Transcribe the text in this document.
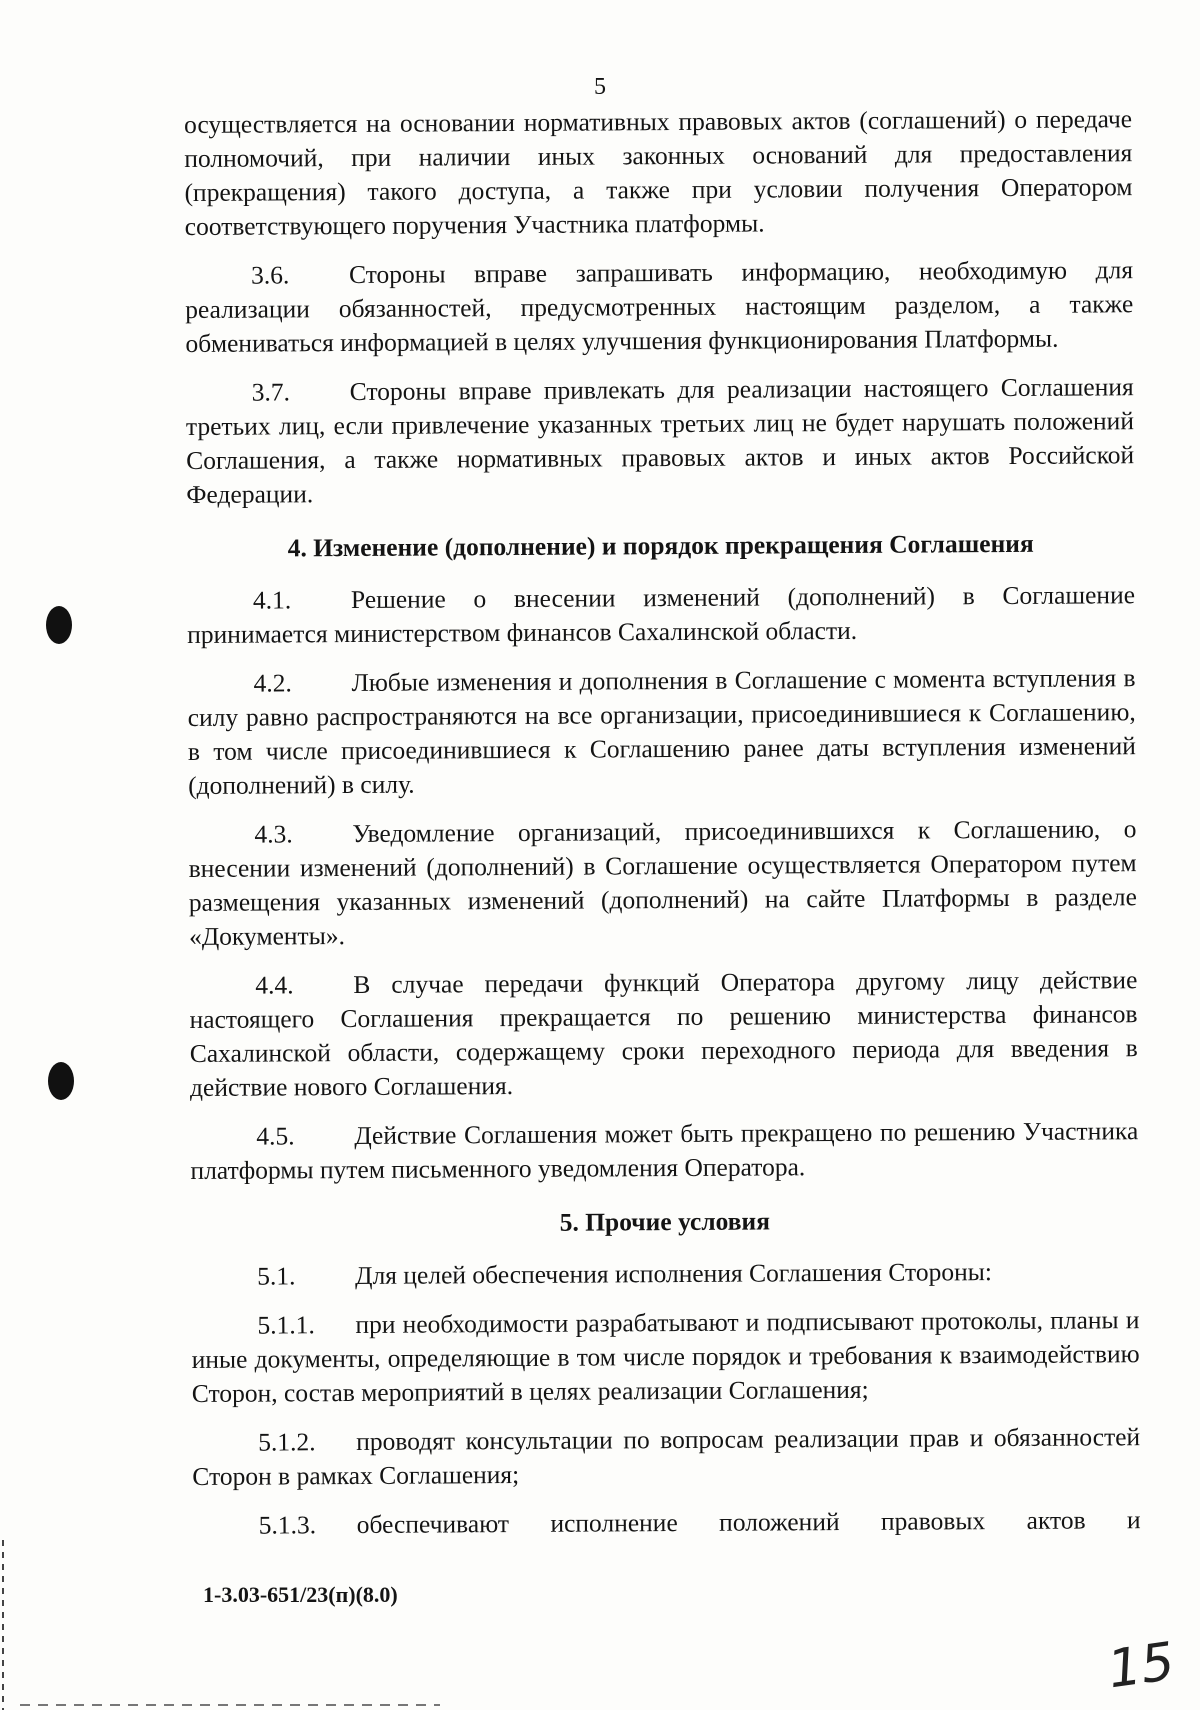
5

осуществляется на основании нормативных правовых актов (соглашений) о передаче полномочий, при наличии иных законных оснований для предоставления (прекращения) такого доступа, а также при условии получения Оператором соответствующего поручения Участника платформы.

3.6. Стороны вправе запрашивать информацию, необходимую для реализации обязанностей, предусмотренных настоящим разделом, а также обмениваться информацией в целях улучшения функционирования Платформы.

3.7. Стороны вправе привлекать для реализации настоящего Соглашения третьих лиц, если привлечение указанных третьих лиц не будет нарушать положений Соглашения, а также нормативных правовых актов и иных актов Российской Федерации.

4. Изменение (дополнение) и порядок прекращения Соглашения

4.1. Решение о внесении изменений (дополнений) в Соглашение принимается министерством финансов Сахалинской области.

4.2. Любые изменения и дополнения в Соглашение с момента вступления в силу равно распространяются на все организации, присоединившиеся к Соглашению, в том числе присоединившиеся к Соглашению ранее даты вступления изменений (дополнений) в силу.

4.3. Уведомление организаций, присоединившихся к Соглашению, о внесении изменений (дополнений) в Соглашение осуществляется Оператором путем размещения указанных изменений (дополнений) на сайте Платформы в разделе «Документы».

4.4. В случае передачи функций Оператора другому лицу действие настоящего Соглашения прекращается по решению министерства финансов Сахалинской области, содержащему сроки переходного периода для введения в действие нового Соглашения.

4.5. Действие Соглашения может быть прекращено по решению Участника платформы путем письменного уведомления Оператора.

5. Прочие условия

5.1. Для целей обеспечения исполнения Соглашения Стороны:

5.1.1. при необходимости разрабатывают и подписывают протоколы, планы и иные документы, определяющие в том числе порядок и требования к взаимодействию Сторон, состав мероприятий в целях реализации Соглашения;

5.1.2. проводят консультации по вопросам реализации прав и обязанностей Сторон в рамках Соглашения;

5.1.3. обеспечивают исполнение положений правовых актов и

1-3.03-651/23(п)(8.0)
15
